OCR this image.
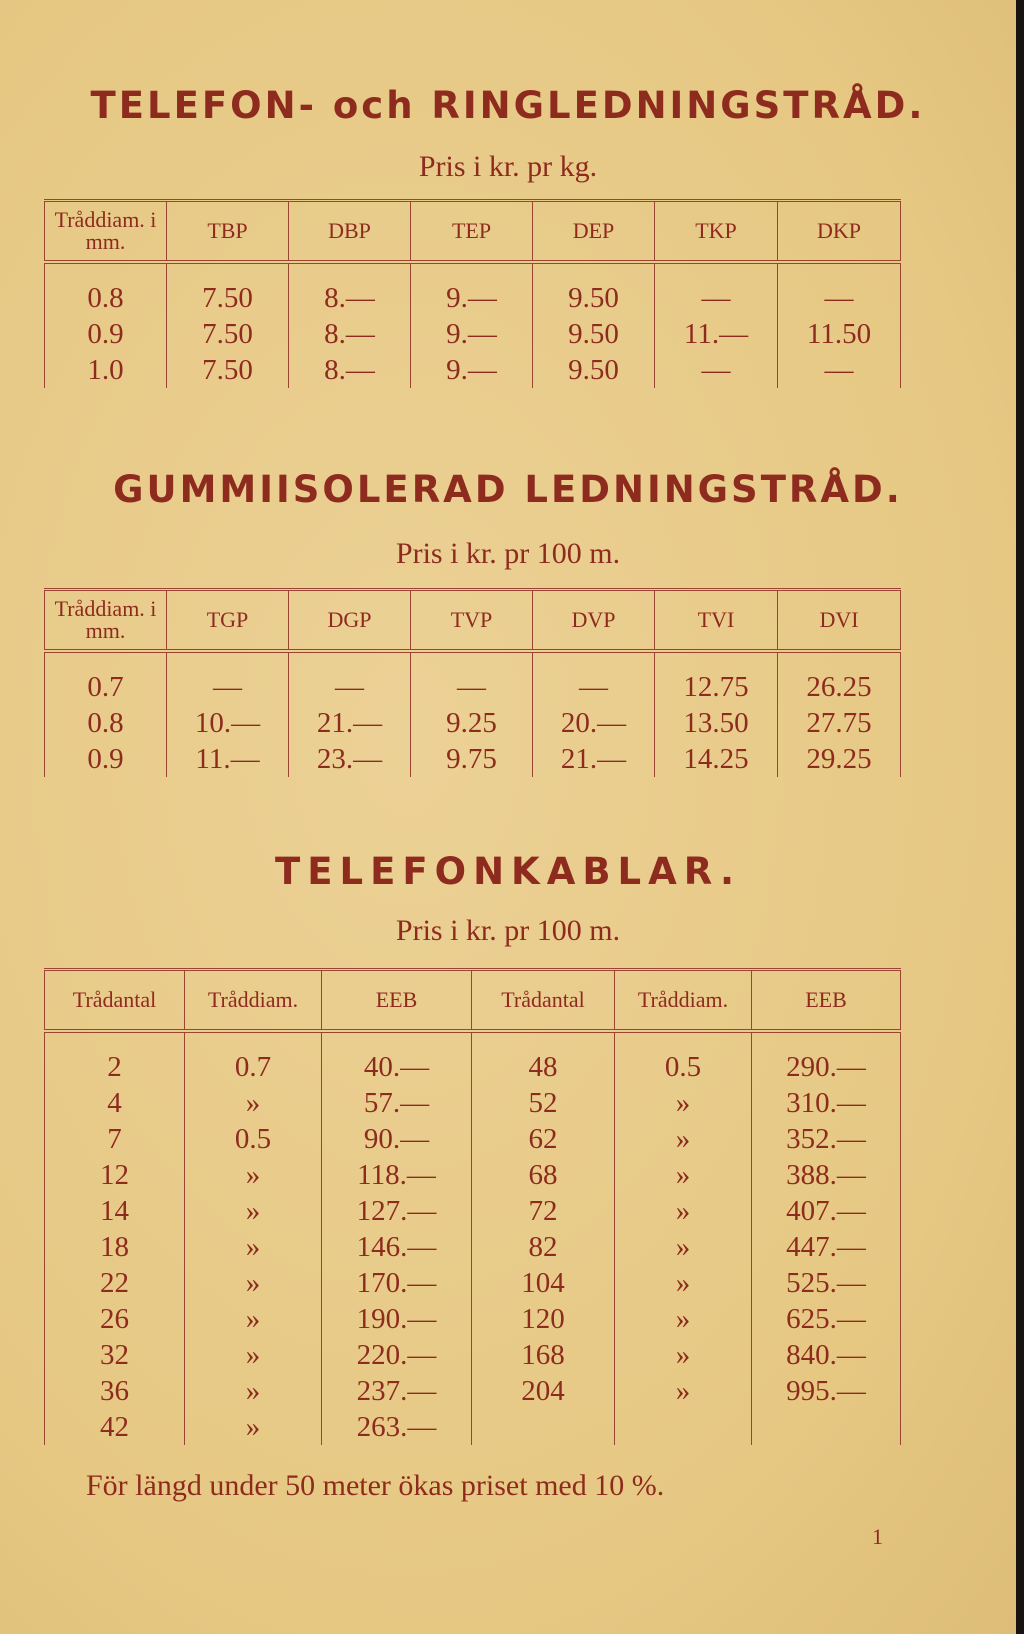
TELEFON- och RINGLEDNINGSTRÅD.

Pris i kr. pr kg.

Tråddiam. i mm.	TBP	DBP	TEP	DEP	TKP	DKP
0.8	7.50	8.—	9.—	9.50	—	—
0.9	7.50	8.—	9.—	9.50	11.—	11.50
1.0	7.50	8.—	9.—	9.50	—	—
GUMMIISOLERAD LEDNINGSTRÅD.

Pris i kr. pr 100 m.

Tråddiam. i mm.	TGP	DGP	TVP	DVP	TVI	DVI
0.7	—	—	—	—	12.75	26.25
0.8	10.—	21.—	9.25	20.—	13.50	27.75
0.9	11.—	23.—	9.75	21.—	14.25	29.25
TELEFONKABLAR.

Pris i kr. pr 100 m.

Trådantal	Tråddiam.	EEB	Trådantal	Tråddiam.	EEB
2	0.7	40.—	48	0.5	290.—
4	»	57.—	52	»	310.—
7	0.5	90.—	62	»	352.—
12	»	118.—	68	»	388.—
14	»	127.—	72	»	407.—
18	»	146.—	82	»	447.—
22	»	170.—	104	»	525.—
26	»	190.—	120	»	625.—
32	»	220.—	168	»	840.—
36	»	237.—	204	»	995.—
42	»	263.—			

För längd under 50 meter ökas priset med 10 %.

1
